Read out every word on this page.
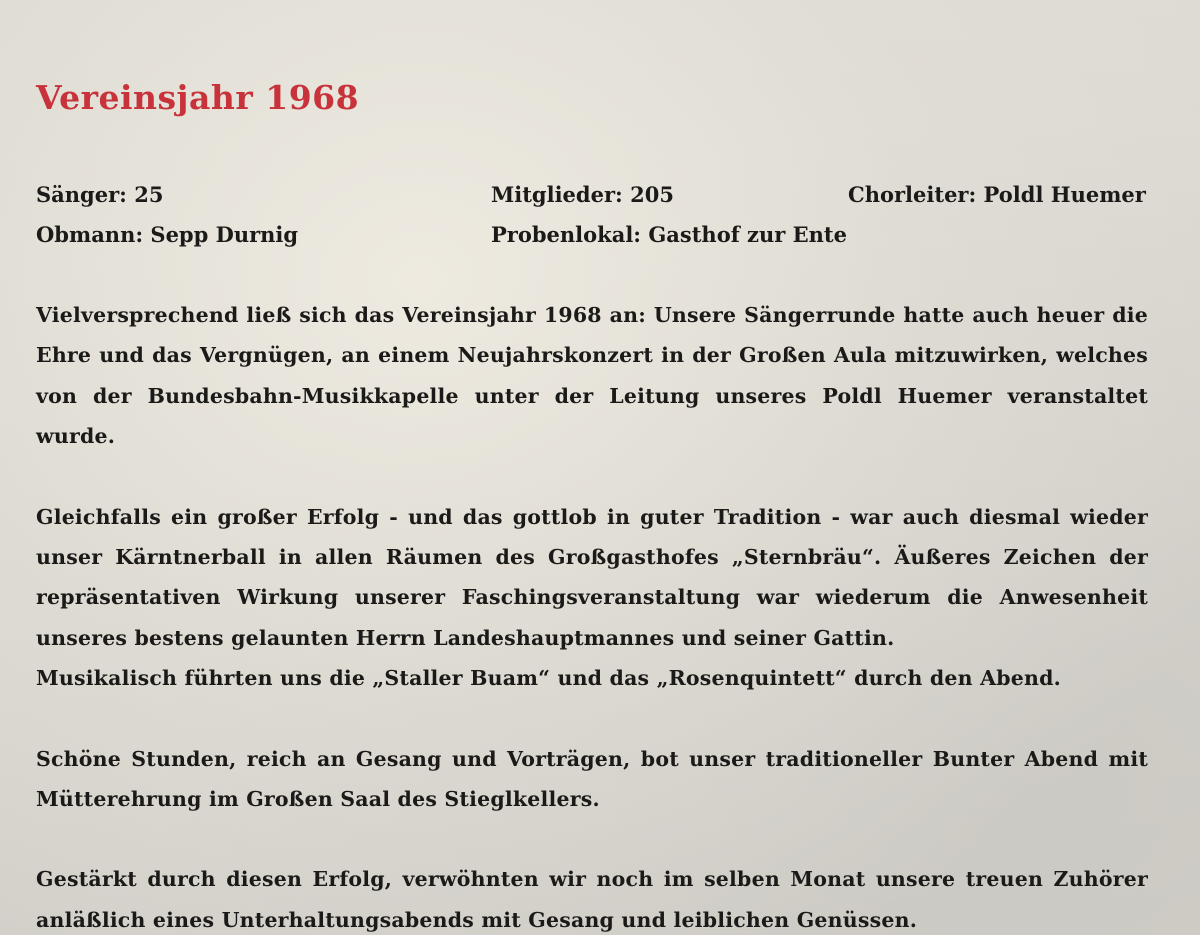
Vereinsjahr 1968
Sänger: 25	Mitglieder: 205	Chorleiter: Poldl Huemer
Obmann: Sepp Durnig	Probenlokal: Gasthof zur Ente

Vielversprechend ließ sich das Vereinsjahr 1968 an: Unsere Sängerrunde hatte auch heuer die Ehre und das Vergnügen, an einem Neujahrskonzert in der Großen Aula mitzuwirken, welches von der Bundesbahn-Musikkapelle unter der Leitung unseres Poldl Huemer veranstaltet wurde.

Gleichfalls ein großer Erfolg - und das gottlob in guter Tradition - war auch diesmal wieder unser Kärntnerball in allen Räumen des Großgasthofes „Sternbräu“. Äußeres Zeichen der repräsentativen Wirkung unserer Faschingsveranstaltung war wiederum die Anwesenheit unseres bestens gelaunten Herrn Landeshauptmannes und seiner Gattin.
Musikalisch führten uns die „Staller Buam“ und das „Rosenquintett“ durch den Abend.

Schöne Stunden, reich an Gesang und Vorträgen, bot unser traditioneller Bunter Abend mit Mütterehrung im Großen Saal des Stieglkellers.

Gestärkt durch diesen Erfolg, verwöhnten wir noch im selben Monat unsere treuen Zuhörer anläßlich eines Unterhaltungsabends mit Gesang und leiblichen Genüssen.
